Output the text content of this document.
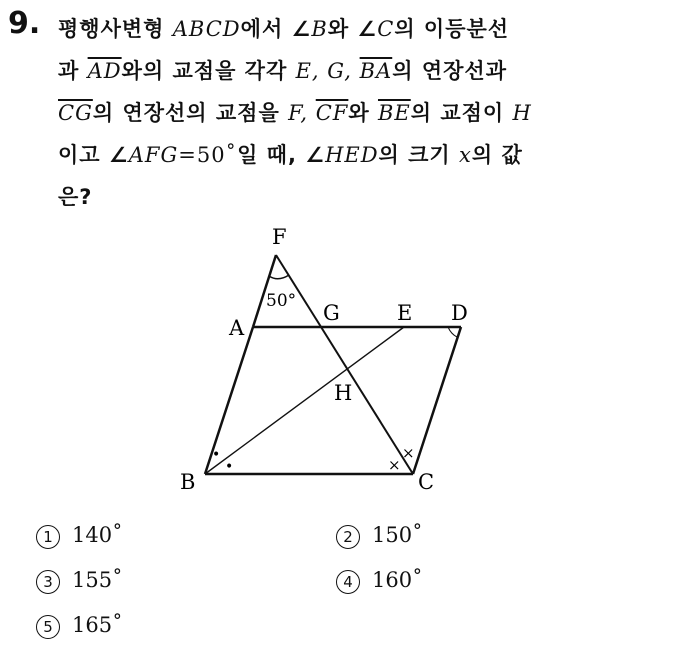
9. 평행사변형 ABCD에서 ∠B와 ∠C의 이등분선
과 $\overline{AD}$와의 교점을 각각 E, G, $\overline{BA}$의 연장선과
$\overline{CG}$의 연장선의 교점을 F, $\overline{CF}$와 $\overline{BE}$의 교점이 H
이고 ∠AFG=50˚일 때, ∠HED의 크기 x의 값
은?
F
A
G	E D
H
B	C
50°
•
•	×
×
1 140˚	2 150˚
3 155˚	4 160˚
5 165˚
